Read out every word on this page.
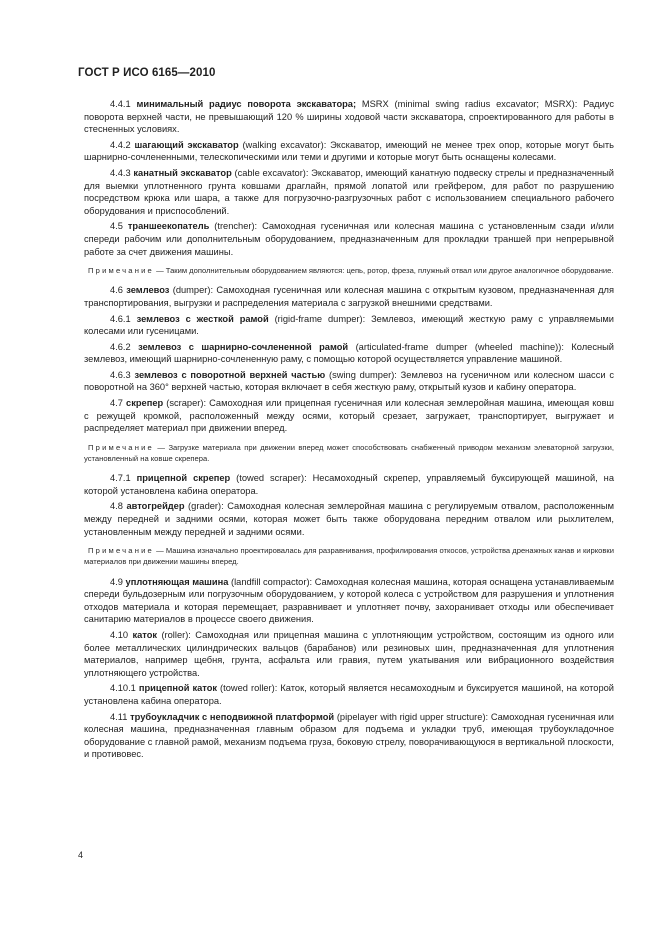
ГОСТ Р ИСО 6165—2010

4.4.1 минимальный радиус поворота экскаватора; MSRX (minimal swing radius excavator; MSRX): Радиус поворота верхней части, не превышающий 120 % ширины ходовой части экскаватора, спроектированного для работы в стесненных условиях.

4.4.2 шагающий экскаватор (walking excavator): Экскаватор, имеющий не менее трех опор, которые могут быть шарнирно-сочлененными, телескопическими или теми и другими и которые могут быть оснащены колесами.

4.4.3 канатный экскаватор (cable excavator): Экскаватор, имеющий канатную подвеску стрелы и предназначенный для выемки уплотненного грунта ковшами драглайн, прямой лопатой или грейфером, для работ по разрушению посредством крюка или шара, а также для погрузочно-разгрузочных работ с использованием специального рабочего оборудования и приспособлений.

4.5 траншеекопатель (trencher): Самоходная гусеничная или колесная машина с установленным сзади и/или спереди рабочим или дополнительным оборудованием, предназначенным для прокладки траншей при непрерывной работе за счет движения машины.

Примечание — Таким дополнительным оборудованием являются: цепь, ротор, фреза, плужный отвал или другое аналогичное оборудование.

4.6 землевоз (dumper): Самоходная гусеничная или колесная машина с открытым кузовом, предназначенная для транспортирования, выгрузки и распределения материала с загрузкой внешними средствами.

4.6.1 землевоз с жесткой рамой (rigid-frame dumper): Землевоз, имеющий жесткую раму с управляемыми колесами или гусеницами.

4.6.2 землевоз с шарнирно-сочлененной рамой (articulated-frame dumper (wheeled machine)): Колесный землевоз, имеющий шарнирно-сочлененную раму, с помощью которой осуществляется управление машиной.

4.6.3 землевоз с поворотной верхней частью (swing dumper): Землевоз на гусеничном или колесном шасси с поворотной на 360° верхней частью, которая включает в себя жесткую раму, открытый кузов и кабину оператора.

4.7 скрепер (scraper): Самоходная или прицепная гусеничная или колесная землеройная машина, имеющая ковш с режущей кромкой, расположенный между осями, который срезает, загружает, транспортирует, выгружает и распределяет материал при движении вперед.

Примечание — Загрузке материала при движении вперед может способствовать снабженный приводом механизм элеваторной загрузки, установленный на ковше скрепера.

4.7.1 прицепной скрепер (towed scraper): Несамоходный скрепер, управляемый буксирующей машиной, на которой установлена кабина оператора.

4.8 автогрейдер (grader): Самоходная колесная землеройная машина с регулируемым отвалом, расположенным между передней и задними осями, которая может быть также оборудована передним отвалом или рыхлителем, установленным между передней и задними осями.

Примечание — Машина изначально проектировалась для разравнивания, профилирования откосов, устройства дренажных канав и кирковки материалов при движении машины вперед.

4.9 уплотняющая машина (landfill compactor): Самоходная колесная машина, которая оснащена устанавливаемым спереди бульдозерным или погрузочным оборудованием, у которой колеса с устройством для разрушения и уплотнения отходов материала и которая перемещает, разравнивает и уплотняет почву, захоранивает отходы или обеспечивает санитарию материалов в процессе своего движения.

4.10 каток (roller): Самоходная или прицепная машина с уплотняющим устройством, состоящим из одного или более металлических цилиндрических вальцов (барабанов) или резиновых шин, предназначенная для уплотнения материалов, например щебня, грунта, асфальта или гравия, путем укатывания или вибрационного воздействия уплотняющего устройства.

4.10.1 прицепной каток (towed roller): Каток, который является несамоходным и буксируется машиной, на которой установлена кабина оператора.

4.11 трубоукладчик с неподвижной платформой (pipelayer with rigid upper structure): Самоходная гусеничная или колесная машина, предназначенная главным образом для подъема и укладки труб, имеющая трубоукладочное оборудование с главной рамой, механизм подъема груза, боковую стрелу, поворачивающуюся в вертикальной плоскости, и противовес.

4
